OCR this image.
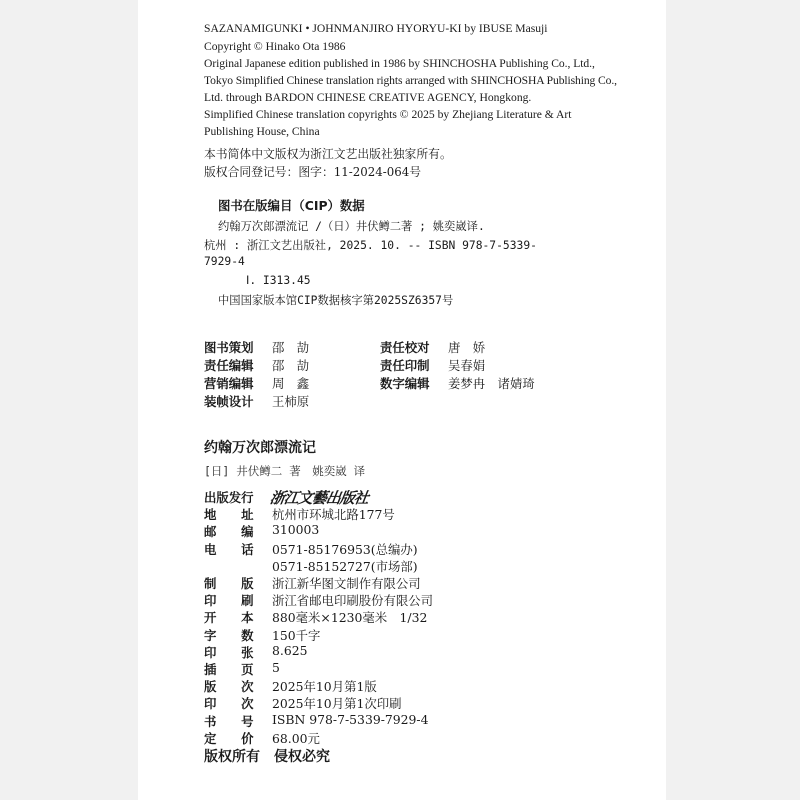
SAZANAMIGUNKI • JOHNMANJIRO HYORYU-KI by IBUSE Masuji
Copyright © Hinako Ota 1986
Original Japanese edition published in 1986 by SHINCHOSHA Publishing Co., Ltd.,
Tokyo Simplified Chinese translation rights arranged with SHINCHOSHA Publishing Co.,
Ltd. through BARDON CHINESE CREATIVE AGENCY, Hongkong.
Simplified Chinese translation copyrights © 2025 by Zhejiang Literature & Art
Publishing House, China
本书简体中文版权为浙江文艺出版社独家所有。
版权合同登记号：图字：11-2024-064号
图书在版编目（CIP）数据
约翰万次郎漂流记 /（日）井伏鳟二著 ; 姚奕崴译.
杭州 : 浙江文艺出版社, 2025. 10. -- ISBN 978-7-5339-
7929-4
Ⅰ. I313.45
中国国家版本馆CIP数据核字第2025SZ6357号
图书策划 邵　劼
责任编辑 邵　劼
营销编辑 周　鑫
装帧设计 王柿原
责任校对 唐　娇
责任印制 吴春娟
数字编辑 姜梦冉　诸婧琦
约翰万次郎漂流记
[日] 井伏鳟二 著　姚奕崴 译
浙江文藝出版社
出版发行
地　　址 杭州市环城北路177号
邮　　编 310003
电　　话 0571-85176953(总编办)
0571-85152727(市场部)
制　　版 浙江新华图文制作有限公司
印　　刷 浙江省邮电印刷股份有限公司
开　　本 880毫米×1230毫米　1/32
字　　数 150千字
印　　张 8.625
插　　页 5
版　　次 2025年10月第1版
印　　次 2025年10月第1次印刷
书　　号 ISBN 978-7-5339-7929-4
定　　价 68.00元
版权所有　侵权必究
